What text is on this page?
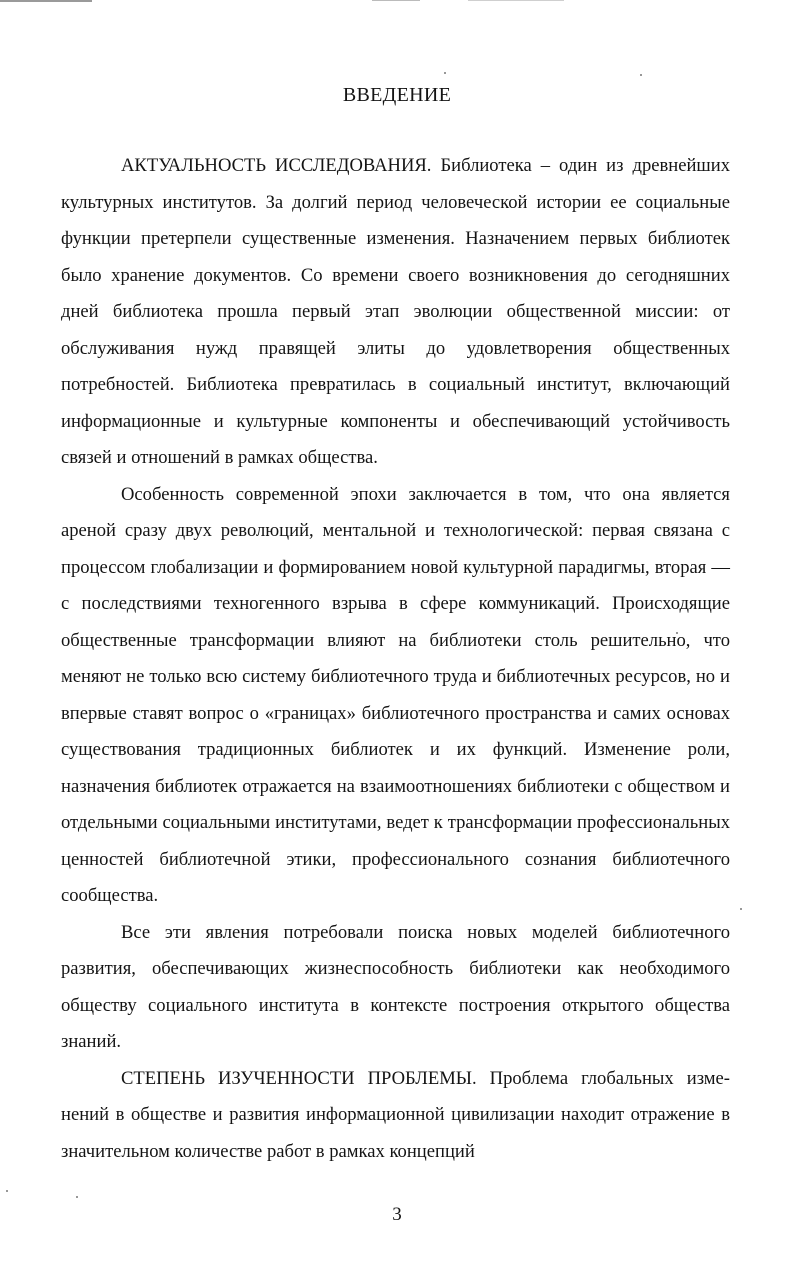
ВВЕДЕНИЕ

АКТУАЛЬНОСТЬ ИССЛЕДОВАНИЯ. Библиотека – один из древнейших культурных институтов. За долгий период человеческой истории ее социальные функции претерпели существенные изменения. Назначением первых библиотек было хранение документов. Со времени своего возникновения до сегодняшних дней библиотека прошла первый этап эволюции общественной миссии: от обслуживания нужд правящей элиты до удовлетворения общественных потребностей. Библиотека превратилась в социальный институт, включающий информационные и культурные компоненты и обеспечивающий устойчивость связей и отношений в рамках общества.

Особенность современной эпохи заключается в том, что она является ареной сразу двух революций, ментальной и технологической: первая связана с процессом глобализации и формированием новой культурной парадигмы, вторая — с последствиями техногенного взрыва в сфере коммуникаций. Происходящие общественные трансформации влияют на библиотеки столь решительно, что меняют не только всю систему библиотечного труда и библиотечных ресурсов, но и впервые ставят вопрос о «границах» библиотечного пространства и самих основах существования традиционных библиотек и их функций. Изменение роли, назначения библиотек отражается на взаимоотношениях библиотеки с обществом и отдельными социальными институтами, ведет к трансформации профессиональных ценностей библиотечной этики, профессионального сознания библиотечного сообщества.

Все эти явления потребовали поиска новых моделей библиотечного развития, обеспечивающих жизнеспособность библиотеки как необходимого обществу социального института в контексте построения открытого общества знаний.

СТЕПЕНЬ ИЗУЧЕННОСТИ ПРОБЛЕМЫ. Проблема глобальных изменений в обществе и развития информационной цивилизации находит отражение в значительном количестве работ в рамках концепций

3
